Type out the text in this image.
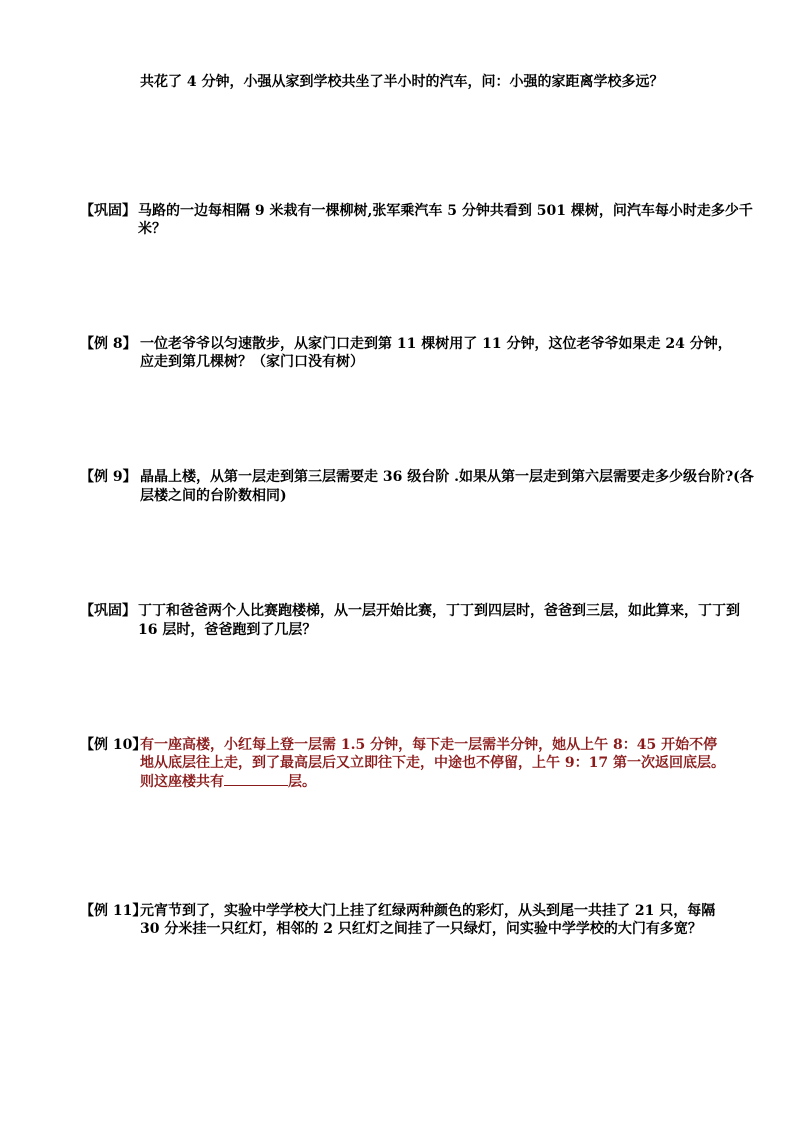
共花了 4 分钟，小强从家到学校共坐了半小时的汽车，问：小强的家距离学校多远？
【巩固】 马路的一边每相隔 9 米栽有一棵柳树,张军乘汽车 5 分钟共看到 501 棵树，问汽车每小时走多少千
米？
【例 8】 一位老爷爷以匀速散步，从家门口走到第 11 棵树用了 11 分钟，这位老爷爷如果走 24 分钟，
应走到第几棵树？（家门口没有树）
【例 9】 晶晶上楼，从第一层走到第三层需要走 36 级台阶 .如果从第一层走到第六层需要走多少级台阶?(各
层楼之间的台阶数相同)
【巩固】 丁丁和爸爸两个人比赛跑楼梯，从一层开始比赛，丁丁到四层时，爸爸到三层，如此算来，丁丁到
16 层时，爸爸跑到了几层？
【例 10】
有一座高楼，小红每上登一层需 1.5 分钟，每下走一层需半分钟，她从上午 8：45 开始不停
地从底层往上走，到了最高层后又立即往下走，中途也不停留，上午 9：17 第一次返回底层。
则这座楼共有	层。
【例 11】
元宵节到了，实验中学学校大门上挂了红绿两种颜色的彩灯，从头到尾一共挂了 21 只，每隔
30 分米挂一只红灯，相邻的 2 只红灯之间挂了一只绿灯，问实验中学学校的大门有多宽？
